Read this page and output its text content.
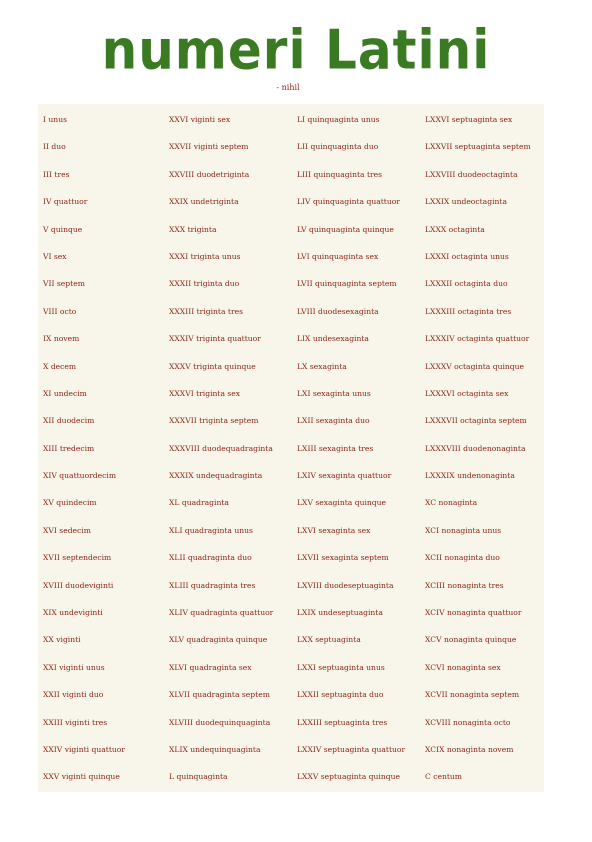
numeri Latini
- nihil
I unus	XXVI viginti sex	LI quinquaginta unus	LXXVI septuaginta sex
II duo	XXVII viginti septem	LII quinquaginta duo	LXXVII septuaginta septem
III tres	XXVIII duodetriginta	LIII quinquaginta tres	LXXVIII duodeoctaginta
IV quattuor	XXIX undetriginta	LIV quinquaginta quattuor	LXXIX undeoctaginta
V quinque	XXX triginta	LV quinquaginta quinque	LXXX octaginta
VI sex	XXXI triginta unus	LVI quinquaginta sex	LXXXI octaginta unus
VII septem	XXXII triginta duo	LVII quinquaginta septem	LXXXII octaginta duo
VIII octo	XXXIII triginta tres	LVIII duodesexaginta	LXXXIII octaginta tres
IX novem	XXXIV triginta quattuor	LIX undesexaginta	LXXXIV octaginta quattuor
X decem	XXXV triginta quinque	LX sexaginta	LXXXV octaginta quinque
XI undecim	XXXVI triginta sex	LXI sexaginta unus	LXXXVI octaginta sex
XII duodecim	XXXVII triginta septem	LXII sexaginta duo	LXXXVII octaginta septem
XIII tredecim	XXXVIII duodequadraginta	LXIII sexaginta tres	LXXXVIII duodenonaginta
XIV quattuordecim	XXXIX undequadraginta	LXIV sexaginta quattuor	LXXXIX undenonaginta
XV quindecim	XL quadraginta	LXV sexaginta quinque	XC nonaginta
XVI sedecim	XLI quadraginta unus	LXVI sexaginta sex	XCI nonaginta unus
XVII septendecim	XLII quadraginta duo	LXVII sexaginta septem	XCII nonaginta duo
XVIII duodeviginti	XLIII quadraginta tres	LXVIII duodeseptuaginta	XCIII nonaginta tres
XIX undeviginti	XLIV quadraginta quattuor	LXIX undeseptuaginta	XCIV nonaginta quattuor
XX viginti	XLV quadraginta quinque	LXX septuaginta	XCV nonaginta quinque
XXI viginti unus	XLVI quadraginta sex	LXXI septuaginta unus	XCVI nonaginta sex
XXII viginti duo	XLVII quadraginta septem	LXXII septuaginta duo	XCVII nonaginta septem
XXIII viginti tres	XLVIII duodequinquaginta	LXXIII septuaginta tres	XCVIII nonaginta octo
XXIV viginti quattuor	XLIX undequinquaginta	LXXIV septuaginta quattuor	XCIX nonaginta novem
XXV viginti quinque	L quinquaginta	LXXV septuaginta quinque	C centum
